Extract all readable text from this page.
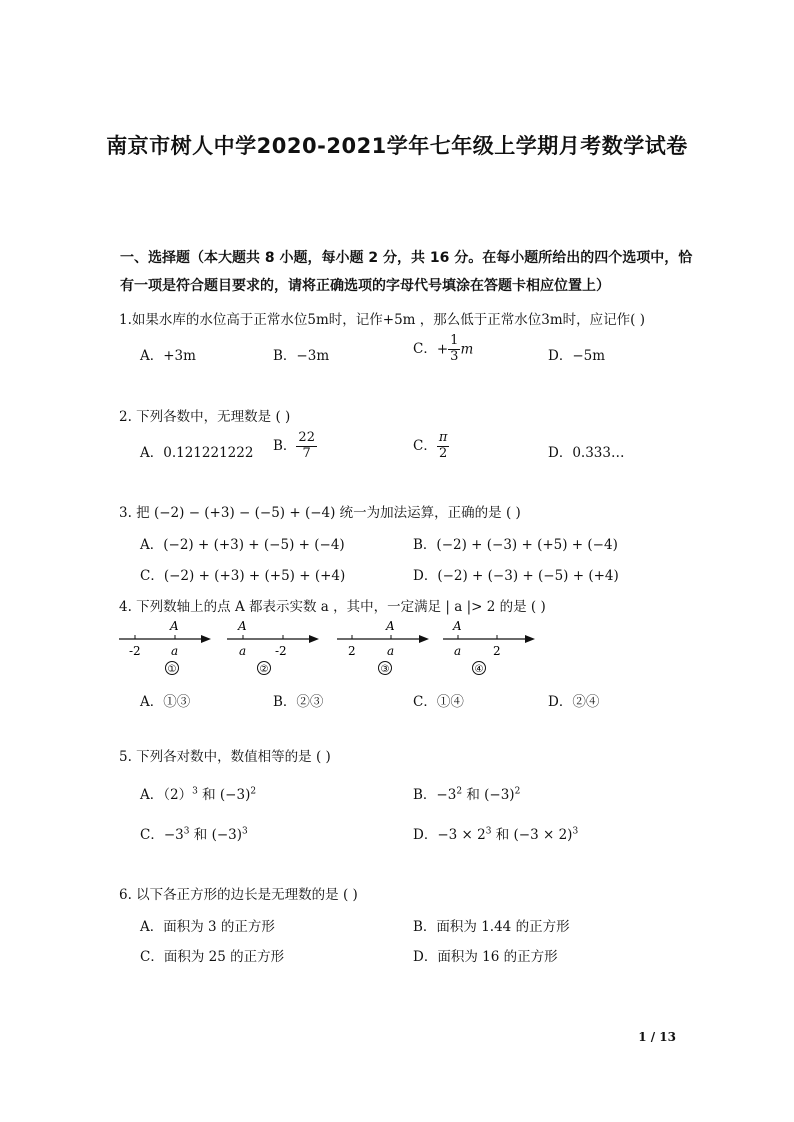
南京市树人中学2020-2021学年七年级上学期月考数学试卷
一、选择题（本大题共 8 小题，每小题 2 分，共 16 分。在每小题所给出的四个选项中，恰
有一项是符合题目要求的，请将正确选项的字母代号填涂在答题卡相应位置上）
1.如果水库的水位高于正常水位5m时，记作+5m ，那么低于正常水位3m时，应记作( )
A．+3m	B．−3m	C．+ $\frac{1}{3}$ m	D．−5m
2. 下列各数中，无理数是 ( )
A．0.121221222 B． $\frac{22}{7}$	C． $\frac{\pi}{2}$	D．0.333…
3. 把 (−2) − (+3) − (−5) + (−4) 统一为加法运算，正确的是 ( )
A．(−2) + (+3) + (−5) + (−4)	B．(−2) + (−3) + (+5) + (−4)
C．(−2) + (+3) + (+5) + (+4)	D．(−2) + (−3) + (−5) + (+4)
4. 下列数轴上的点 A 都表示实数 a ，其中，一定满足 | a |> 2 的是 ( )
-2	a
A
①
a -2
A
②
2	a
A
③
a	2
A
④
A．①③	B．②③	C．①④	D．②④
5. 下列各对数中，数值相等的是 ( )
A．$(2)^3$ 和 $(-3)^2$	B．$-3^2$ 和 $(-3)^2$
C．$-3^3$ 和 $(-3)^3$	D．$-3 \times 2^3$ 和 $(-3 \times 2)^3$
6. 以下各正方形的边长是无理数的是 ( )
A．面积为 3 的正方形	B．面积为 1.44 的正方形
C．面积为 25 的正方形	D．面积为 16 的正方形
1 / 13
